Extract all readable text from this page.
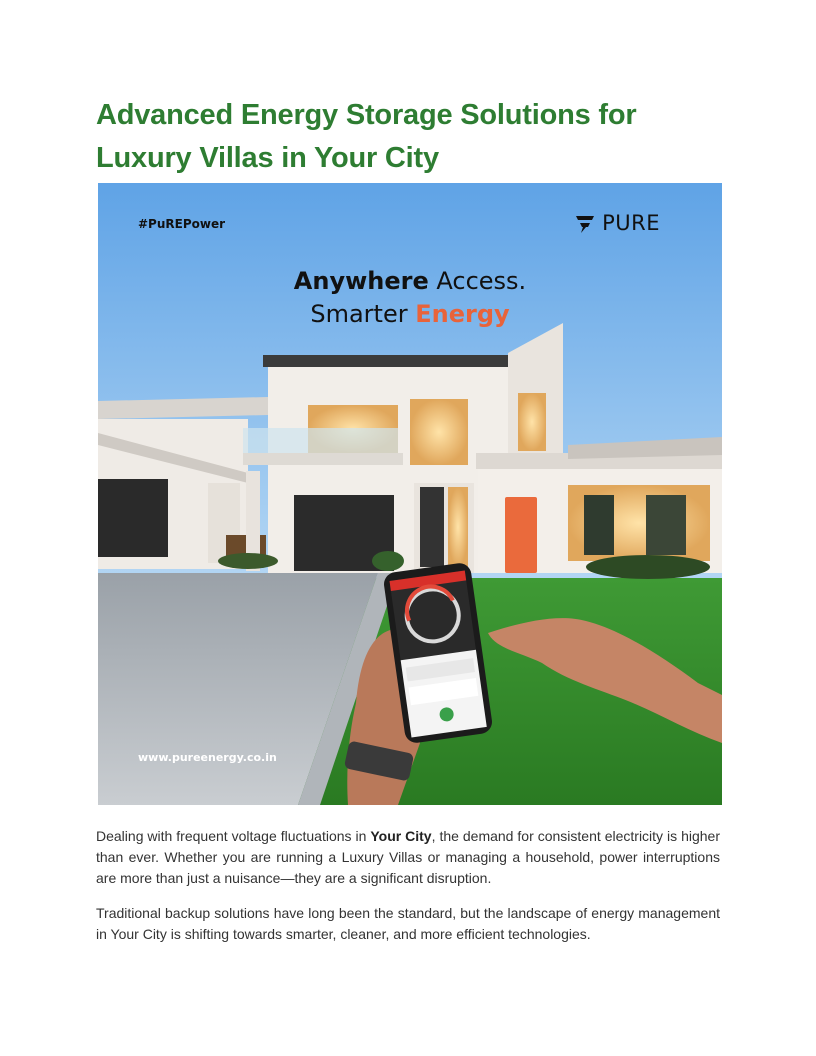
Advanced Energy Storage Solutions for Luxury Villas in Your City
#PuREPower	PURE
Anywhere Access.
Smarter Energy
www.pureenergy.co.in

Dealing with frequent voltage fluctuations in Your City, the demand for consistent electricity is higher than ever. Whether you are running a Luxury Villas or managing a household, power interruptions are more than just a nuisance—they are a significant disruption.

Traditional backup solutions have long been the standard, but the landscape of energy management in Your City is shifting towards smarter, cleaner, and more efficient technologies.
